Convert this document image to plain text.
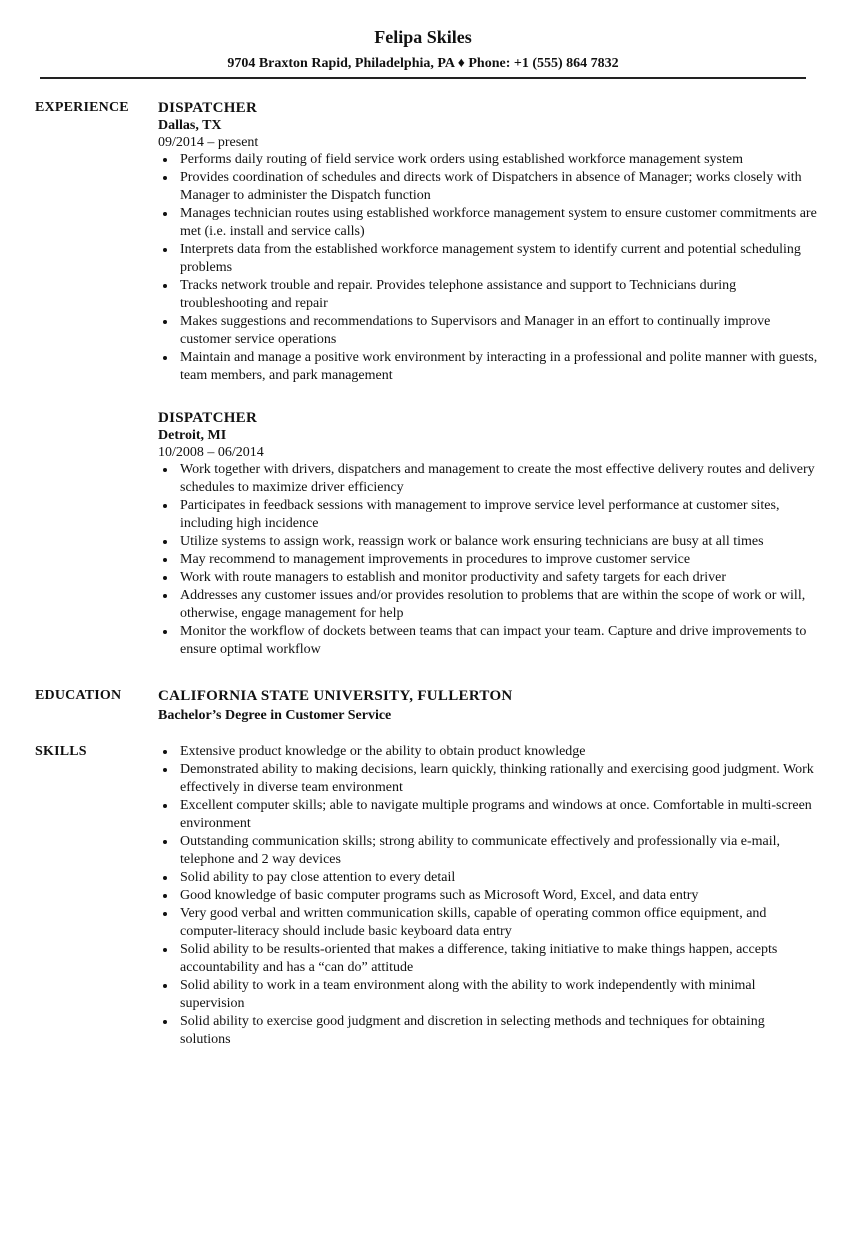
Felipa Skiles
9704 Braxton Rapid, Philadelphia, PA ♦ Phone: +1 (555) 864 7832
EXPERIENCE DISPATCHER
Dallas, TX
09/2014 – present
Performs daily routing of field service work orders using established workforce management system
Provides coordination of schedules and directs work of Dispatchers in absence of Manager; works closely with Manager to administer the Dispatch function
Manages technician routes using established workforce management system to ensure customer commitments are met (i.e. install and service calls)
Interprets data from the established workforce management system to identify current and potential scheduling problems
Tracks network trouble and repair. Provides telephone assistance and support to Technicians during troubleshooting and repair
Makes suggestions and recommendations to Supervisors and Manager in an effort to continually improve customer service operations
Maintain and manage a positive work environment by interacting in a professional and polite manner with guests, team members, and park management
DISPATCHER
Detroit, MI
10/2008 – 06/2014
Work together with drivers, dispatchers and management to create the most effective delivery routes and delivery schedules to maximize driver efficiency
Participates in feedback sessions with management to improve service level performance at customer sites, including high incidence
Utilize systems to assign work, reassign work or balance work ensuring technicians are busy at all times
May recommend to management improvements in procedures to improve customer service
Work with route managers to establish and monitor productivity and safety targets for each driver
Addresses any customer issues and/or provides resolution to problems that are within the scope of work or will, otherwise, engage management for help
Monitor the workflow of dockets between teams that can impact your team. Capture and drive improvements to ensure optimal workflow
EDUCATION CALIFORNIA STATE UNIVERSITY, FULLERTON
Bachelor’s Degree in Customer Service
SKILLS	Extensive product knowledge or the ability to obtain product knowledge
Demonstrated ability to making decisions, learn quickly, thinking rationally and exercising good judgment. Work effectively in diverse team environment
Excellent computer skills; able to navigate multiple programs and windows at once. Comfortable in multi-screen environment
Outstanding communication skills; strong ability to communicate effectively and professionally via e-mail, telephone and 2 way devices
Solid ability to pay close attention to every detail
Good knowledge of basic computer programs such as Microsoft Word, Excel, and data entry
Very good verbal and written communication skills, capable of operating common office equipment, and computer-literacy should include basic keyboard data entry
Solid ability to be results-oriented that makes a difference, taking initiative to make things happen, accepts accountability and has a “can do” attitude
Solid ability to work in a team environment along with the ability to work independently with minimal supervision
Solid ability to exercise good judgment and discretion in selecting methods and techniques for obtaining solutions
